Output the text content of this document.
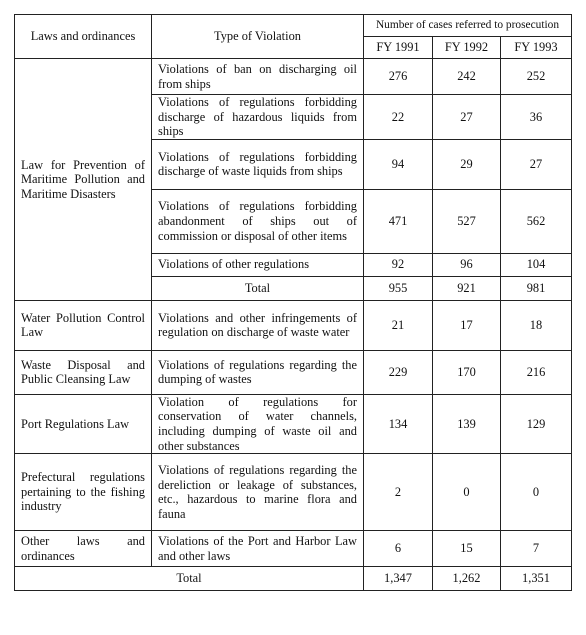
Laws and ordinances	Type of Violation	Number of cases referred to prosecution		
		FY 1991	FY 1992	FY 1993
Law for Prevention of Maritime Pollution and Maritime Disasters	Violations of ban on discharging oil from ships	276	242	252
	Violations of regulations forbidding discharge of hazardous liquids from ships	22	27	36
	Violations of regulations forbidding discharge of waste liquids from ships	94	29	27
	Violations of regulations forbidding abandonment of ships out of commission or disposal of other items	471	527	562
	Violations of other regulations	92	96	104
	Total	955	921	981
Water Pollution Control Law	Violations and other infringements of regulation on discharge of waste water	21	17	18
Waste Disposal and Public Cleansing Law	Violations of regulations regarding the dumping of wastes	229	170	216
Port Regulations Law	Violation of regulations for conservation of water channels, including dumping of waste oil and other substances	134	139	129
Prefectural regulations pertaining to the fishing industry	Violations of regulations regarding the dereliction or leakage of substances, etc., hazardous to marine flora and fauna	2	0	0
Other laws and ordinances	Violations of the Port and Harbor Law and other laws	6	15	7
Total		1,347	1,262	1,351
